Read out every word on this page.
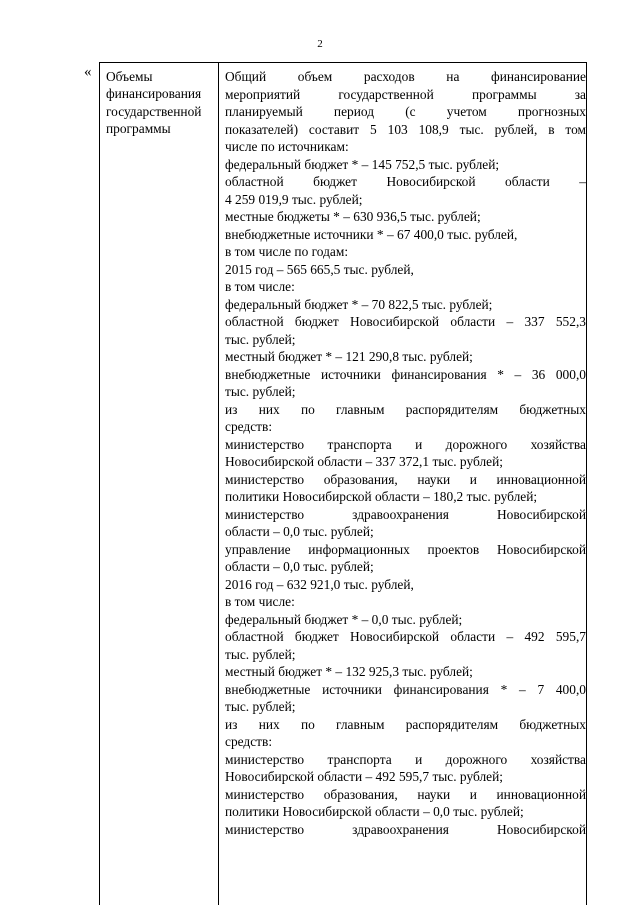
2
« Объемы
финансирования
государственной
программы
Общий объем расходов на финансирование
мероприятий государственной программы за
планируемый период (с учетом прогнозных
показателей) составит 5 103 108,9 тыс. рублей, в том
числе по источникам:
федеральный бюджет * – 145 752,5 тыс. рублей;
областной бюджет Новосибирской области –
4 259 019,9 тыс. рублей;
местные бюджеты * – 630 936,5 тыс. рублей;
внебюджетные источники * – 67 400,0 тыс. рублей,
в том числе по годам:
2015 год – 565 665,5 тыс. рублей,
в том числе:
федеральный бюджет * – 70 822,5 тыс. рублей;
областной бюджет Новосибирской области – 337 552,3
тыс. рублей;
местный бюджет * – 121 290,8 тыс. рублей;
внебюджетные источники финансирования * – 36 000,0
тыс. рублей;
из них по главным распорядителям бюджетных
средств:
министерство транспорта и дорожного хозяйства
Новосибирской области – 337 372,1 тыс. рублей;
министерство образования, науки и инновационной
политики Новосибирской области – 180,2 тыс. рублей;
министерство здравоохранения Новосибирской
области – 0,0 тыс. рублей;
управление информационных проектов Новосибирской
области – 0,0 тыс. рублей;
2016 год – 632 921,0 тыс. рублей,
в том числе:
федеральный бюджет * – 0,0 тыс. рублей;
областной бюджет Новосибирской области – 492 595,7
тыс. рублей;
местный бюджет * – 132 925,3 тыс. рублей;
внебюджетные источники финансирования * – 7 400,0
тыс. рублей;
из них по главным распорядителям бюджетных
средств:
министерство транспорта и дорожного хозяйства
Новосибирской области – 492 595,7 тыс. рублей;
министерство образования, науки и инновационной
политики Новосибирской области – 0,0 тыс. рублей;
министерство здравоохранения Новосибирской
